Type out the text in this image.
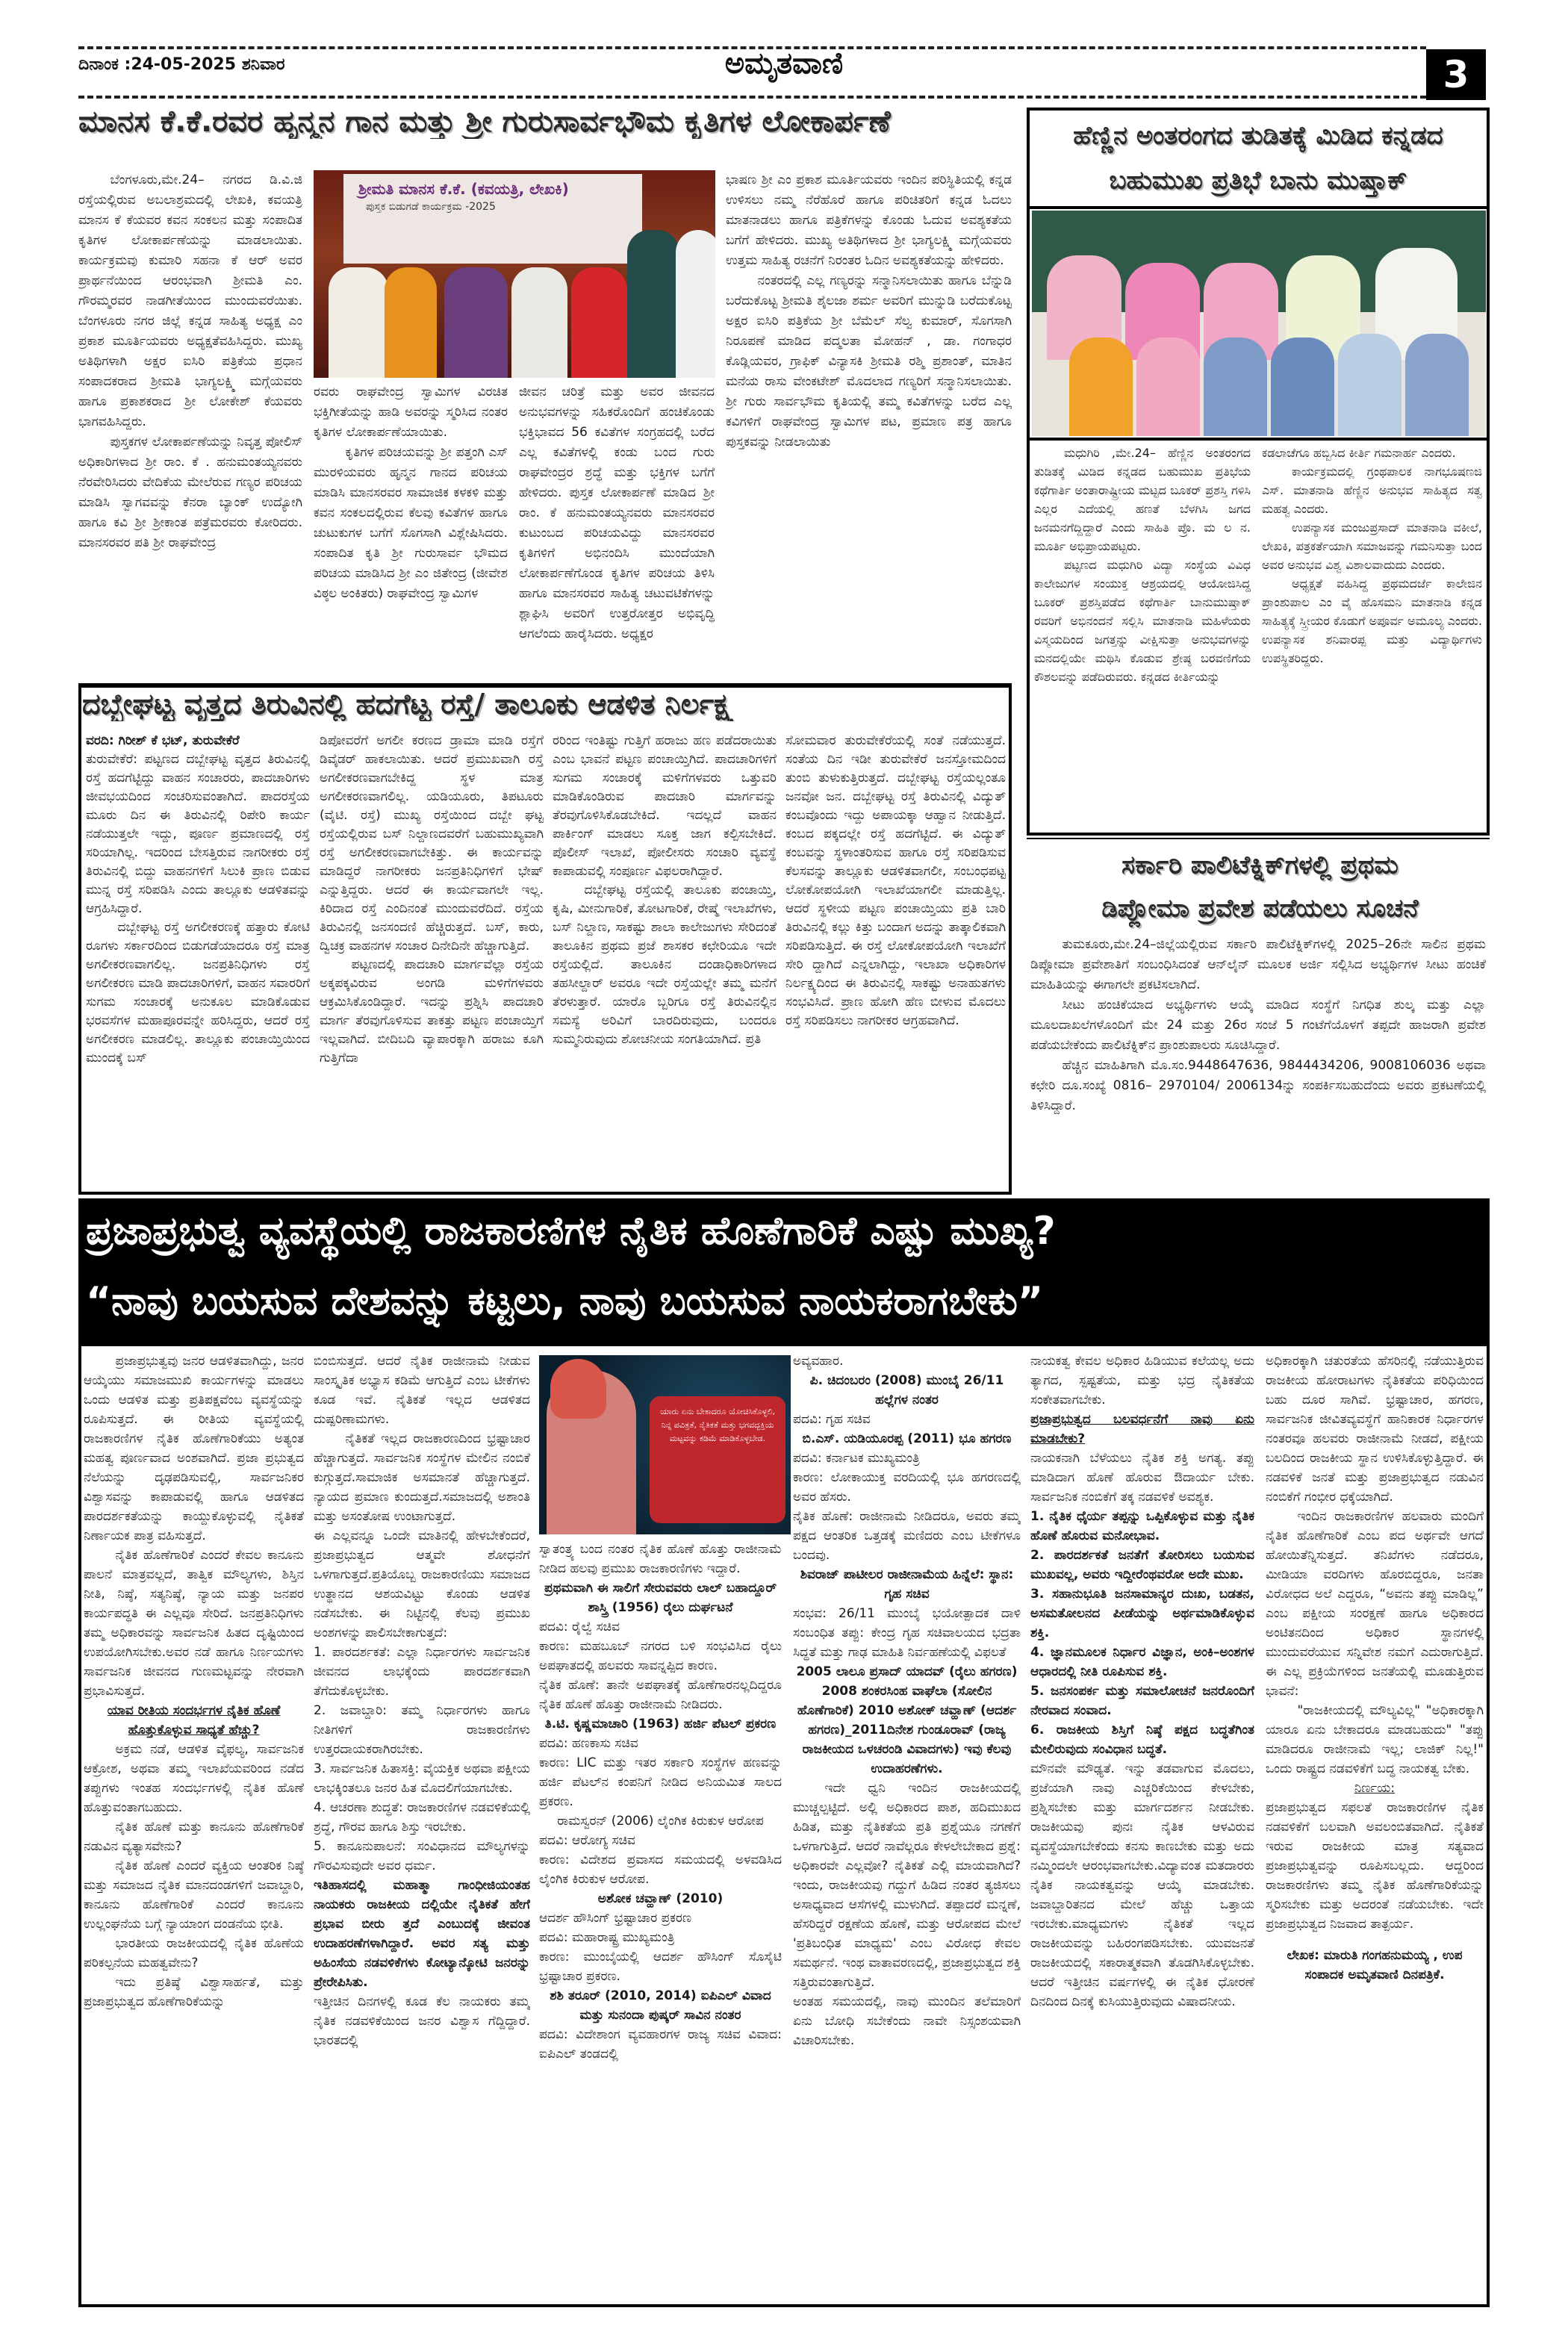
ದಿನಾಂಕ :24-05-2025 ಶನಿವಾರ	ಅಮೃತವಾಣಿ	3
ಮಾನಸ ಕೆ.ಕೆ.ರವರ ಹೃನ್ಮನ ಗಾನ ಮತ್ತು ಶ್ರೀ ಗುರುಸಾರ್ವಭೌಮ ಕೃತಿಗಳ ಲೋಕಾರ್ಪಣೆ
ಶ್ರೀಮತಿ ಮಾನಸ ಕೆ.ಕೆ. (ಕವಯತ್ರಿ, ಲೇಖಕಿ)
ಪುಸ್ತಕ ಬಿಡುಗಡೆ ಕಾರ್ಯಕ್ರಮ -2025

ಬೆಂಗಳೂರು,ಮೇ.24– ನಗರದ ಡಿ.ವಿ.ಜಿ ರಸ್ತೆಯಲ್ಲಿರುವ ಅಬಲಾಶ್ರಮದಲ್ಲಿ ಲೇಖಕಿ, ಕವಯತ್ರಿ ಮಾನಸ ಕೆ ಕೆಯವರ ಕವನ ಸಂಕಲನ ಮತ್ತು ಸಂಪಾದಿತ ಕೃತಿಗಳ ಲೋಕಾರ್ಪಣೆಯನ್ನು ಮಾಡಲಾಯಿತು. ಕಾರ್ಯಕ್ರಮವು ಕುಮಾರಿ ಸಹನಾ ಕೆ ಆರ್ ಅವರ ಪ್ರಾರ್ಥನೆಯಿಂದ ಆರಂಭವಾಗಿ ಶ್ರೀಮತಿ ಎಂ. ಗೌರಮ್ಮರವರ ನಾಡಗೀತೆಯಿಂದ ಮುಂದುವರೆಯಿತು. ಬೆಂಗಳೂರು ನಗರ ಜಿಲ್ಲೆ ಕನ್ನಡ ಸಾಹಿತ್ಯ ಅಧ್ಯಕ್ಷ ಎಂ ಪ್ರಕಾಶ ಮೂರ್ತಿಯವರು ಅಧ್ಯಕ್ಷತೆವಹಿಸಿದ್ದರು. ಮುಖ್ಯ ಅತಿಥಿಗಳಾಗಿ ಅಕ್ಷರ ಐಸಿರಿ ಪತ್ರಿಕೆಯ ಪ್ರಧಾನ ಸಂಪಾದಕರಾದ ಶ್ರೀಮತಿ ಭಾಗ್ಯಲಕ್ಷ್ಮಿ ಮಗ್ಗೆಯವರು ಹಾಗೂ ಪ್ರಕಾಶಕರಾದ ಶ್ರೀ ಲೋಕೇಶ್ ಕೆಯವರು ಭಾಗವಹಿಸಿದ್ದರು.

ಪುಸ್ತಕಗಳ ಲೋಕಾರ್ಪಣೆಯನ್ನು ನಿವೃತ್ತ ಪೋಲಿಸ್ ಅಧಿಕಾರಿಗಳಾದ ಶ್ರೀ ರಾಂ. ಕೆ . ಹನುಮಂತಯ್ಯನವರು ನೆರವೇರಿಸಿದರು ವೇದಿಕೆಯ ಮೇಲೆರುವ ಗಣ್ಯರ ಪರಿಚಯ ಮಾಡಿಸಿ ಸ್ವಾಗವವನ್ನು ಕೆನರಾ ಬ್ಯಾಂಕ್ ಉದ್ಯೋಗಿ ಹಾಗೂ ಕವಿ ಶ್ರೀ ಶ್ರೀಕಾಂತ ಪತ್ರೆಮರವರು ಕೋರಿದರು. ಮಾನಸರವರ ಪತಿ ಶ್ರೀ ರಾಘವೇಂದ್ರ

ರವರು ರಾಘವೇಂದ್ರ ಸ್ವಾಮಿಗಳ ವಿರಚಿತ ಭಕ್ತಿಗೀತೆಯನ್ನು ಹಾಡಿ ಅವರನ್ನು ಸ್ಮರಿಸಿದ ನಂತರ ಕೃತಿಗಳ ಲೋಕಾರ್ಪಣೆಯಾಯಿತು.

ಕೃತಿಗಳ ಪರಿಚಯವನ್ನು ಶ್ರೀ ಪತ್ತಂಗಿ ಎಸ್ ಮುರಳಿಯವರು ಹೃನ್ಮನ ಗಾನದ ಪರಿಚಯ ಮಾಡಿಸಿ ಮಾನಸರವರ ಸಾಮಾಜಿಕ ಕಳಕಳಿ ಮತ್ತು ಕವನ ಸಂಕಲದಲ್ಲಿರುವ ಕೆಲವು ಕವಿತೆಗಳ ಹಾಗೂ ಚುಟುಕುಗಳ ಬಗೆಗೆ ಸೊಗಸಾಗಿ ವಿಶ್ಲೇಷಿಸಿದರು. ಸಂಪಾದಿತ ಕೃತಿ ಶ್ರೀ ಗುರುಸಾರ್ವ ಭೌಮದ ಪರಿಚಯ ಮಾಡಿಸಿದ ಶ್ರೀ ಎಂ ಜಿತೇಂದ್ರ (ಜೀವೇಶ ವಿಠ್ಠಲ ಅಂಕಿತರು) ರಾಘವೇಂದ್ರ ಸ್ವಾಮಿಗಳ

ಜೀವನ ಚರಿತ್ರೆ ಮತ್ತು ಅವರ ಜೀವನದ ಅನುಭವಗಳನ್ನು ಸಹಿಕರೊಂದಿಗೆ ಹಂಚಿಕೊಂಡು ಭಕ್ತಿಭಾವದ 56 ಕವಿತೆಗಳ ಸಂಗ್ರಹದಲ್ಲಿ ಬರೆದ ಎಲ್ಲ ಕವಿತೆಗಳಲ್ಲಿ ಕಂಡು ಬಂದ ಗುರು ರಾಘವೇಂದ್ರರ ಶ್ರದ್ಧೆ ಮತ್ತು ಭಕ್ತಿಗಳ ಬಗೆಗೆ ಹೇಳಿದರು. ಪುಸ್ತಕ ಲೋಕಾರ್ಪಣೆ ಮಾಡಿದ ಶ್ರೀ ರಾಂ. ಕೆ ಹನುಮಂತಯ್ಯನವರು ಮಾನಸರವರ ಕುಟುಂಬದ ಪರಿಚಯವಿದ್ದು ಮಾನಸರವರ ಕೃತಿಗಳಿಗೆ ಅಭಿನಂದಿಸಿ ಮುಂದೆಯಾಗಿ ಲೋಕಾರ್ಪಣೆಗೊಂಡ ಕೃತಿಗಳ ಪರಿಚಯ ತಿಳಿಸಿ ಹಾಗೂ ಮಾನಸರವರ ಸಾಹಿತ್ಯ ಚಟುವಟಿಕೆಗಳನ್ನು ಶ್ಲಾಘಿಸಿ ಅವರಿಗೆ ಉತ್ತರೋತ್ತರ ಅಭಿವೃದ್ಧಿ ಆಗಲೆಂದು ಹಾರೈಸಿದರು. ಅಧ್ಯಕ್ಷರ

ಭಾಷಣ ಶ್ರೀ ಎಂ ಪ್ರಕಾಶ ಮೂರ್ತಿಯವರು ಇಂದಿನ ಪರಿಸ್ಥಿತಿಯಲ್ಲಿ ಕನ್ನಡ ಉಳಿಸಲು ನಮ್ಮ ನೆರೆಹೊರೆ ಹಾಗೂ ಪರಿಚಿತರಿಗೆ ಕನ್ನಡ ಓದಲು ಮಾತನಾಡಲು ಹಾಗೂ ಪತ್ರಿಕೆಗಳನ್ನು ಕೊಂಡು ಓದುವ ಅವಶ್ಯಕತೆಯ ಬಗೆಗೆ ಹೇಳಿದರು. ಮುಖ್ಯ ಅತಿಥಿಗಳಾದ ಶ್ರೀ ಭಾಗ್ಯಲಕ್ಷ್ಮಿ ಮಗ್ಗೆಯವರು ಉತ್ತಮ ಸಾಹಿತ್ಯ ರಚನೆಗೆ ನಿರಂತರ ಓದಿನ ಅವಶ್ಯಕತೆಯನ್ನು ಹೇಳಿದರು.

ನಂತರದಲ್ಲಿ ಎಲ್ಲ ಗಣ್ಯರನ್ನು ಸನ್ಮಾನಿಸಲಾಯಿತು ಹಾಗೂ ಬೆನ್ನುಡಿ ಬರೆದುಕೊಟ್ಟ ಶ್ರೀಮತಿ ಶೈಲಜಾ ಶರ್ಮ ಅವರಿಗೆ ಮುನ್ನುಡಿ ಬರೆದುಕೊಟ್ಟ ಅಕ್ಷರ ಐಸಿರಿ ಪತ್ರಿಕೆಯ ಶ್ರೀ ಬೆಮೆಲ್ ಸೆಲ್ವ ಕುಮಾರ್, ಸೊಗಸಾಗಿ ನಿರೂಪಣೆ ಮಾಡಿದ ಪದ್ಮಲತಾ ಮೋಹನ್ , ಡಾ. ಗಂಗಾಧರ ಕೊಡ್ಲಿಯವರ, ಗ್ರಾಫಿಕ್ ವಿನ್ಯಾಸಕಿ ಶ್ರೀಮತಿ ರಶ್ಮಿ ಪ್ರಶಾಂತ್, ಮಾತಿನ ಮನೆಯ ರಾಸು ವೇಂಕಟೇಶ್ ಮೊದಲಾದ ಗಣ್ಯರಿಗೆ ಸನ್ಮಾನಿಸಲಾಯಿತು. ಶ್ರೀ ಗುರು ಸಾರ್ವಭೌಮ ಕೃತಿಯಲ್ಲಿ ತಮ್ಮ ಕವಿತೆಗಳನ್ನು ಬರೆದ ಎಲ್ಲ ಕವಿಗಳಿಗೆ ರಾಘವೇಂದ್ರ ಸ್ವಾಮಿಗಳ ಪಟ, ಪ್ರಮಾಣ ಪತ್ರ ಹಾಗೂ ಪುಸ್ತಕವನ್ನು ನೀಡಲಾಯಿತು

ಹೆಣ್ಣಿನ ಅಂತರಂಗದ ತುಡಿತಕ್ಕೆ ಮಿಡಿದ ಕನ್ನಡದ
ಬಹುಮುಖ ಪ್ರತಿಭೆ ಬಾನು ಮುಷ್ತಾಕ್

ಮಧುಗಿರಿ ,ಮೇ.24– ಹೆಣ್ಣಿನ ಅಂತರಂಗದ ತುಡಿತಕ್ಕೆ ಮಿಡಿದ ಕನ್ನಡದ ಬಹುಮುಖ ಪ್ರತಿಭೆಯ ಕಥೆಗಾರ್ತಿ ಅಂತಾರಾಷ್ಟ್ರೀಯ ಮಟ್ಟದ ಬೂಕರ್ ಪ್ರಶಸ್ತಿ ಗಳಿಸಿ ಎಲ್ಲರ ಎದೆಯಲ್ಲಿ ಹಣತೆ ಬೆಳಗಿಸಿ ಜಗದ ಜನಮನಗೆದ್ದಿದ್ದಾರೆ ಎಂದು ಸಾಹಿತಿ ಪ್ರೊ. ಮ ಲ ನ. ಮೂರ್ತಿ ಅಭಿಪ್ರಾಯಪಟ್ಟರು.

ಪಟ್ಟಣದ ಮಧುಗಿರಿ ವಿದ್ಯಾ ಸಂಸ್ಥೆಯ ವಿವಿಧ ಕಾಲೇಜುಗಳ ಸಂಯುಕ್ತ ಆಶ್ರಯದಲ್ಲಿ ಆಯೋಜಿಸಿದ್ದ ಬೂಕರ್ ಪ್ರಶಸ್ತಿಪಡೆದ ಕಥೆಗಾರ್ತಿ ಬಾನುಮುಷ್ತಾಕ್ ರವರಿಗೆ ಅಭಿನಂದನೆ ಸಲ್ಲಿಸಿ ಮಾತನಾಡಿ ಮಹಿಳೆಯರು ವಿಸ್ಮಯದಿಂದ ಜಗತ್ತನ್ನು ವೀಕ್ಷಿಸುತ್ತಾ ಅನುಭವಗಳನ್ನು ಮನದಲ್ಲಿಯೇ ಮಥಿಸಿ ಕೊಡುವ ಶ್ರೇಷ್ಠ ಬರವಣಿಗೆಯ ಕೌಶಲವನ್ನು ಪಡೆದಿರುವರು. ಕನ್ನಡದ ಕೀರ್ತಿಯನ್ನು

ಕಡಲಾಚೆಗೂ ಹಬ್ಬಿಸಿದ ಕೀರ್ತಿ ಗಮನಾರ್ಹ ಎಂದರು.

ಕಾರ್ಯಕ್ರಮದಲ್ಲಿ ಗ್ರಂಥಪಾಲಕ ನಾಗಭೂಷಣಜಿ ಎಸ್. ಮಾತನಾಡಿ ಹೆಣ್ಣಿನ ಅನುಭವ ಸಾಹಿತ್ಯದ ಸತ್ವ ಮಹತ್ವ ಎಂದರು.

ಉಪನ್ಯಾಸಕ ಮಂಜುಪ್ರಸಾದ್ ಮಾತನಾಡಿ ವಕೀಲೆ, ಲೇಖಕಿ, ಪತ್ರಕರ್ತೆಯಾಗಿ ಸಮಾಜವನ್ನು ಗಮನಿಸುತ್ತಾ ಬಂದ ಅವರ ಅನುಭವ ವಿಶ್ವ ವಿಶಾಲವಾದುದು ಎಂದರು.

ಅಧ್ಯಕ್ಷತೆ ವಹಿಸಿದ್ದ ಪ್ರಥಮದರ್ಜೆ ಕಾಲೇಜಿನ ಪ್ರಾಂಶುಪಾಲ ಎಂ ವೈ ಹೊಸಮನಿ ಮಾತನಾಡಿ ಕನ್ನಡ ಸಾಹಿತ್ಯಕ್ಕೆ ಸ್ತ್ರೀಯರ ಕೊಡುಗೆ ಅಪೂರ್ವ ಅಮೂಲ್ಯ ಎಂದರು. ಉಪನ್ಯಾಸಕ ಶನಿವಾರಪ್ಪ ಮತ್ತು ವಿದ್ಯಾರ್ಥಿಗಳು ಉಪಸ್ಥಿತರಿದ್ದರು.

ದಬ್ಬೇಘಟ್ಟ ವೃತ್ತದ ತಿರುವಿನಲ್ಲಿ ಹದಗೆಟ್ಟ ರಸ್ತೆ/ ತಾಲೂಕು ಆಡಳಿತ ನಿರ್ಲಕ್ಷ್ಯ

ವರದಿ: ಗಿರೀಶ್ ಕೆ ಭಟ್, ತುರುವೇಕೆರೆ

ತುರುವೇಕೆರೆ: ಪಟ್ಟಣದ ದಬ್ಬೇಘಟ್ಟ ವೃತ್ತದ ತಿರುವಿನಲ್ಲಿ ರಸ್ತೆ ಹದಗೆಟ್ಟಿದ್ದು ವಾಹನ ಸಂಚಾರರು, ಪಾದಚಾರಿಗಳು ಜೀವಭಯದಿಂದ ಸಂಚರಿಸುವಂತಾಗಿದೆ. ಪಾದರಸ್ತೆಯ ಮೂರು ದಿನ ಈ ತಿರುವಿನಲ್ಲಿ ರಿಪೇರಿ ಕಾರ್ಯ ನಡೆಯುತ್ತಲೇ ಇದ್ದು, ಪೂರ್ಣ ಪ್ರಮಾಣದಲ್ಲಿ ರಸ್ತೆ ಸರಿಯಾಗಿಲ್ಲ. ಇದರಿಂದ ಬೇಸತ್ತಿರುವ ನಾಗರೀಕರು ರಸ್ತೆ ತಿರುವಿನಲ್ಲಿ ಬಿದ್ದು ವಾಹನಗಳಿಗೆ ಸಿಲುಕಿ ಪ್ರಾಣ ಬಿಡುವ ಮುನ್ನ ರಸ್ತೆ ಸರಿಪಡಿಸಿ ಎಂದು ತಾಲ್ಲೂಕು ಆಡಳಿತವನ್ನು ಆಗ್ರಹಿಸಿದ್ದಾರೆ.

ದಬ್ಬೇಘಟ್ಟ ರಸ್ತೆ ಅಗಲೀಕರಣಕ್ಕೆ ಹತ್ತಾರು ಕೋಟಿ ರೂಗಳು ಸರ್ಕಾರದಿಂದ ಬಿಡುಗಡೆಯಾದರೂ ರಸ್ತೆ ಮಾತ್ರ ಅಗಲೀಕರಣವಾಗಲಿಲ್ಲ. ಜನಪ್ರತಿನಿಧಿಗಳು ರಸ್ತೆ ಅಗಲೀಕರಣ ಮಾಡಿ ಪಾದಚಾರಿಗಳಿಗೆ, ವಾಹನ ಸವಾರರಿಗೆ ಸುಗಮ ಸಂಚಾರಕ್ಕೆ ಅನುಕೂಲ ಮಾಡಿಕೊಡುವ ಭರವಸೆಗಳ ಮಹಾಪೂರವನ್ನೇ ಹರಿಸಿದ್ದರು, ಆದರೆ ರಸ್ತೆ ಅಗಲೀಕರಣ ಮಾಡಲಿಲ್ಲ. ತಾಲ್ಲೂಕು ಪಂಚಾಯ್ತಿಯಿಂದ ಮುಂದಕ್ಕೆ ಬಸ್

ಡಿಪೋವರೆಗೆ ಅಗಲೀ ಕರಣದ ಡ್ರಾಮಾ ಮಾಡಿ ರಸ್ತೆಗೆ ಡಿವೈಡರ್ ಹಾಕಲಾಯಿತು. ಆದರೆ ಪ್ರಮುಖವಾಗಿ ರಸ್ತೆ ಅಗಲೀಕರಣವಾಗಬೇಕಿದ್ದ ಸ್ಥಳ ಮಾತ್ರ ಅಗಲೀಕರಣವಾಗಲಿಲ್ಲ. ಯಡಿಯೂರು, ತಿಪಟೂರು (ವೈಟಿ. ರಸ್ತೆ) ಮುಖ್ಯ ರಸ್ತೆಯಿಂದ ದಬ್ಬೇ ಘಟ್ಟ ರಸ್ತೆಯಲ್ಲಿರುವ ಬಸ್ ನಿಲ್ದಾಣದವರೆಗೆ ಬಹುಮುಖ್ಯವಾಗಿ ರಸ್ತೆ ಅಗಲೀಕರಣವಾಗಬೇಕಿತ್ತು. ಈ ಕಾರ್ಯವನ್ನು ಮಾಡಿದ್ದರೆ ನಾಗರೀಕರು ಜನಪ್ರತಿನಿಧಿಗಳಿಗೆ ಭೇಷ್ ಎನ್ನುತ್ತಿದ್ದರು. ಆದರೆ ಈ ಕಾರ್ಯವಾಗಲೇ ಇಲ್ಲ. ಕಿರಿದಾದ ರಸ್ತೆ ಎಂದಿನಂತೆ ಮುಂದುವರೆದಿದೆ. ರಸ್ತೆಯ ತಿರುವಿನಲ್ಲಿ ಜನಸಂದಣಿ ಹೆಚ್ಚಿರುತ್ತದೆ. ಬಸ್, ಕಾರು, ದ್ವಿಚಕ್ರ ವಾಹನಗಳ ಸಂಚಾರ ದಿನೇದಿನೇ ಹೆಚ್ಚಾಗುತ್ತಿದೆ.

ಪಟ್ಟಣದಲ್ಲಿ ಪಾದಚಾರಿ ಮಾರ್ಗವೆಲ್ಲಾ ರಸ್ತೆಯ ಅಕ್ಕಪಕ್ಕವಿರುವ ಅಂಗಡಿ ಮಳಿಗೆಗಳವರು ಆಕ್ರಮಿಸಿಕೊಂಡಿದ್ದಾರೆ. ಇದನ್ನು ಪ್ರಶ್ನಿಸಿ ಪಾದಚಾರಿ ಮಾರ್ಗ ತೆರವುಗೊಳಿಸುವ ತಾಕತ್ತು ಪಟ್ಟಣ ಪಂಚಾಯ್ತಿಗೆ ಇಲ್ಲವಾಗಿದೆ. ಬೀದಿಬದಿ ವ್ಯಾಪಾರಕ್ಕಾಗಿ ಹರಾಜು ಕೂಗಿ ಗುತ್ತಿಗೆದಾ

ರರಿಂದ ಇಂತಿಷ್ಟು ಗುತ್ತಿಗೆ ಹರಾಜು ಹಣ ಪಡೆದರಾಯಿತು ಎಂಬ ಭಾವನೆ ಪಟ್ಟಣ ಪಂಚಾಯ್ತಿಗಿದೆ. ಪಾದಚಾರಿಗಳಿಗೆ ಸುಗಮ ಸಂಚಾರಕ್ಕೆ ಮಳಿಗೆಗಳವರು ಒತ್ತುವರಿ ಮಾಡಿಕೊಂಡಿರುವ ಪಾದಚಾರಿ ಮಾರ್ಗವನ್ನು ತೆರವುಗೊಳಿಸಿಕೊಡಬೇಕಿದೆ. ಇದಲ್ಲದೆ ವಾಹನ ಪಾರ್ಕಿಂಗ್ ಮಾಡಲು ಸೂಕ್ತ ಜಾಗ ಕಲ್ಪಿಸಬೇಕಿದೆ. ಪೊಲೀಸ್ ಇಲಾಖೆ, ಪೋಲೀಸರು ಸಂಚಾರಿ ವ್ಯವಸ್ಥೆ ಕಾಪಾಡುವಲ್ಲಿ ಸಂಪೂರ್ಣ ವಿಫಲರಾಗಿದ್ದಾರೆ.

ದಬ್ಬೇಘಟ್ಟ ರಸ್ತೆಯಲ್ಲಿ ತಾಲೂಕು ಪಂಚಾಯ್ತಿ, ಕೃಷಿ, ಮೀನುಗಾರಿಕೆ, ತೋಟಗಾರಿಕೆ, ರೇಷ್ಮೆ ಇಲಾಖೆಗಳು, ಬಸ್ ನಿಲ್ದಾಣ, ಸಾಕಷ್ಟು ಶಾಲಾ ಕಾಲೇಜುಗಳು ಸೇರಿದಂತೆ ತಾಲೂಕಿನ ಪ್ರಥಮ ಪ್ರಜೆ ಶಾಸಕರ ಕಛೇರಿಯೂ ಇದೇ ರಸ್ತೆಯಲ್ಲಿದೆ. ತಾಲೂಕಿನ ದಂಡಾಧಿಕಾರಿಗಳಾದ ತಹಸೀಲ್ದಾರ್ ಅವರೂ ಇದೇ ರಸ್ತೆಯಲ್ಲೇ ತಮ್ಮ ಮನೆಗೆ ತೆರಳುತ್ತಾರೆ. ಯಾರೊ ಬ್ಬರಿಗೂ ರಸ್ತೆ ತಿರುವಿನಲ್ಲಿನ ಸಮಸ್ಯೆ ಅರಿವಿಗೆ ಬಾರದಿರುವುದು, ಬಂದರೂ ಸುಮ್ಮನಿರುವುದು ಶೋಚನೀಯ ಸಂಗತಿಯಾಗಿದೆ. ಪ್ರತಿ

ಸೋಮವಾರ ತುರುವೇಕೆರೆಯಲ್ಲಿ ಸಂತೆ ನಡೆಯುತ್ತದೆ. ಸಂತೆಯ ದಿನ ಇಡೀ ತುರುವೇಕೆರೆ ಜನಸ್ತೋಮದಿಂದ ತುಂಬಿ ತುಳುಕುತ್ತಿರುತ್ತದೆ. ದಬ್ಬೇಘಟ್ಟ ರಸ್ತೆಯಲ್ಲಂತೂ ಜನವೋ ಜನ. ದಬ್ಬೇಘಟ್ಟ ರಸ್ತೆ ತಿರುವಿನಲ್ಲಿ ವಿದ್ಯುತ್ ಕಂಬವೊಂದು ಇದ್ದು ಅಪಾಯಕ್ಕಾ ಆಹ್ವಾನ ನೀಡುತ್ತಿದೆ. ಕಂಬದ ಪಕ್ಕದಲ್ಲೇ ರಸ್ತೆ ಹದಗೆಟ್ಟಿದೆ. ಈ ವಿದ್ಯುತ್ ಕಂಬವನ್ನು ಸ್ಥಳಾಂತರಿಸುವ ಹಾಗೂ ರಸ್ತೆ ಸರಿಪಡಿಸುವ ಕೆಲಸವನ್ನು ತಾಲ್ಲೂಕು ಆಡಳಿತವಾಗಲೀ, ಸಂಬಂಧಪಟ್ಟ ಲೋಕೋಪಯೋಗಿ ಇಲಾಖೆಯಾಗಲೀ ಮಾಡುತ್ತಿಲ್ಲ. ಆದರೆ ಸ್ಥಳೀಯ ಪಟ್ಟಣ ಪಂಚಾಯ್ತಿಯು ಪ್ರತಿ ಬಾರಿ ತಿರುವಿನಲ್ಲಿ ಕಲ್ಲು ಕಿತ್ತು ಬಂದಾಗ ಅದನ್ನು ತಾತ್ಕಾಲಿಕವಾಗಿ ಸರಿಪಡಿಸುತ್ತಿದೆ. ಈ ರಸ್ತೆ ಲೋಕೋಪಯೋಗಿ ಇಲಾಖೆಗೆ ಸೇರಿ ದ್ದಾಗಿದೆ ಎನ್ನಲಾಗಿದ್ದು, ಇಲಾಖಾ ಅಧಿಕಾರಿಗಳ ನಿರ್ಲಕ್ಷ್ಯದಿಂದ ಈ ತಿರುವಿನಲ್ಲಿ ಸಾಕಷ್ಟು ಅನಾಹುತಗಳು ಸಂಭವಿಸಿದೆ. ಪ್ರಾಣ ಹೋಗಿ ಹೆಣ ಬೀಳುವ ಮೊದಲು ರಸ್ತೆ ಸರಿಪಡಿಸಲು ನಾಗರೀಕರ ಆಗ್ರಹವಾಗಿದೆ.

ಸರ್ಕಾರಿ ಪಾಲಿಟೆಕ್ನಿಕ್‌ಗಳಲ್ಲಿ ಪ್ರಥಮ
ಡಿಪ್ಲೋಮಾ ಪ್ರವೇಶ ಪಡೆಯಲು ಸೂಚನೆ

ತುಮಕೂರು,ಮೇ.24–ಜಿಲ್ಲೆಯಲ್ಲಿರುವ ಸರ್ಕಾರಿ ಪಾಲಿಟೆಕ್ನಿಕ್‌ಗಳಲ್ಲಿ 2025–26ನೇ ಸಾಲಿನ ಪ್ರಥಮ ಡಿಪ್ಲೋಮಾ ಪ್ರವೇಶಾತಿಗೆ ಸಂಬಂಧಿಸಿದಂತೆ ಆನ್‌ಲೈನ್ ಮೂಲಕ ಅರ್ಜಿ ಸಲ್ಲಿಸಿದ ಅಭ್ಯರ್ಥಿಗಳ ಸೀಟು ಹಂಚಿಕೆ ಮಾಹಿತಿಯನ್ನು ಈಗಾಗಲೇ ಪ್ರಕಟಿಸಲಾಗಿದೆ.

ಸೀಟು ಹಂಚಿಕೆಯಾದ ಅಭ್ಯರ್ಥಿಗಳು ಆಯ್ಕೆ ಮಾಡಿದ ಸಂಸ್ಥೆಗೆ ನಿಗಧಿತ ಶುಲ್ಕ ಮತ್ತು ಎಲ್ಲಾ ಮೂಲದಾಖಲೆಗಳೊಂದಿಗೆ ಮೇ 24 ಮತ್ತು 26ರ ಸಂಜೆ 5 ಗಂಟೆಗೆಯೊಳಗೆ ತಪ್ಪದೇ ಹಾಜರಾಗಿ ಪ್ರವೇಶ ಪಡೆಯಬೇಕೆಂದು ಪಾಲಿಟೆಕ್ನಿಕ್‌ನ ಪ್ರಾಂಶುಪಾಲರು ಸೂಚಿಸಿದ್ದಾರೆ.

ಹೆಚ್ಚಿನ ಮಾಹಿತಿಗಾಗಿ ಮೊ.ಸಂ.9448647636, 9844434206, 9008106036 ಅಥವಾ ಕಛೇರಿ ದೂ.ಸಂಖ್ಯೆ 0816– 2970104/ 2006134ನ್ನು ಸಂಪರ್ಕಿಸಬಹುದೆಂದು ಅವರು ಪ್ರಕಟಣೆಯಲ್ಲಿ ತಿಳಿಸಿದ್ದಾರೆ.

ಪ್ರಜಾಪ್ರಭುತ್ವ ವ್ಯವಸ್ಥೆಯಲ್ಲಿ ರಾಜಕಾರಣಿಗಳ ನೈತಿಕ ಹೊಣೆಗಾರಿಕೆ ಎಷ್ಟು ಮುಖ್ಯ?
“ನಾವು ಬಯಸುವ ದೇಶವನ್ನು ಕಟ್ಟಲು, ನಾವು ಬಯಸುವ ನಾಯಕರಾಗಬೇಕು”
ಯಾರು ಏನು ಬೇಕಾದರೂ ಯೋಚಿಸಿಕೊಳ್ಳಲಿ, ನಿನ್ನ ಪವಿತ್ರತೆ, ನೈತಿಕತೆ ಮತ್ತು ಭಗವದ್ಭಕ್ತಿಯ ಮಟ್ಟವನ್ನು ಕಡಿಮೆ ಮಾಡಿಕೊಳ್ಳಬೇಡ.

ಪ್ರಜಾಪ್ರಭುತ್ವವು ಜನರ ಆಡಳಿತವಾಗಿದ್ದು, ಜನರ ಆಯ್ಕೆಯು ಸಮಾಜಮುಖಿ ಕಾರ್ಯಗಳನ್ನು ಮಾಡಲು ಒಂದು ಆಡಳಿತ ಮತ್ತು ಪ್ರತಿಪಕ್ಷವೆಂಬ ವ್ಯವಸ್ಥೆಯನ್ನು ರೂಪಿಸುತ್ತದೆ. ಈ ರೀತಿಯ ವ್ಯವಸ್ಥೆಯಲ್ಲಿ ರಾಜಕಾರಣಿಗಳ ನೈತಿಕ ಹೊಣೆಗಾರಿಕೆಯು ಅತ್ಯಂತ ಮಹತ್ವ ಪೂರ್ಣವಾದ ಅಂಶವಾಗಿದೆ. ಪ್ರಜಾ ಪ್ರಭುತ್ವದ ನೆಲೆಯನ್ನು ದೃಢಪಡಿಸುವಲ್ಲಿ, ಸಾರ್ವಜನಿಕರ ವಿಶ್ವಾಸವನ್ನು ಕಾಪಾಡುವಲ್ಲಿ ಹಾಗೂ ಆಡಳಿತದ ಪಾರದರ್ಶಕತೆಯನ್ನು ಕಾಯ್ದುಕೊಳ್ಳುವಲ್ಲಿ ನೈತಿಕತೆ ನಿರ್ಣಾಯಕ ಪಾತ್ರ ವಹಿಸುತ್ತದೆ.

ನೈತಿಕ ಹೊಣೆಗಾರಿಕೆ ಎಂದರೆ ಕೇವಲ ಕಾನೂನು ಪಾಲನೆ ಮಾತ್ರವಲ್ಲದೆ, ತಾತ್ವಿಕ ಮೌಲ್ಯಗಳು, ಶಿಸ್ತಿನ ನೀತಿ, ನಿಷ್ಠೆ, ಸತ್ಯನಿಷ್ಠೆ, ನ್ಯಾಯ ಮತ್ತು ಜನಪರ ಕಾರ್ಯಪದ್ಧತಿ ಈ ಎಲ್ಲವೂ ಸೇರಿದೆ. ಜನಪ್ರತಿನಿಧಿಗಳು ತಮ್ಮ ಅಧಿಕಾರವನ್ನು ಸಾರ್ವಜನಿಕ ಹಿತದ ದೃಷ್ಟಿಯಿಂದ ಉಪಯೋಗಿಸಬೇಕು.ಅವರ ನಡೆ ಹಾಗೂ ನಿರ್ಣಯಗಳು ಸಾರ್ವಜನಿಕ ಜೀವನದ ಗುಣಮಟ್ಟವನ್ನು ನೇರವಾಗಿ ಪ್ರಭಾವಿಸುತ್ತದೆ.

ಯಾವ ರೀತಿಯ ಸಂದರ್ಭಗಳ ನೈತಿಕ ಹೊಣೆ ಹೊತ್ತುಕೊಳ್ಳುವ ಸಾಧ್ಯತೆ ಹೆಚ್ಚು?

ಅಕ್ರಮ ನಡೆ, ಆಡಳಿತ ವೈಫಲ್ಯ, ಸಾರ್ವಜನಿಕ ಆಕ್ರೋಶ, ಅಥವಾ ತಮ್ಮ ಇಲಾಖೆಯವರಿಂದ ನಡೆದ ತಪ್ಪುಗಳು ಇಂತಹ ಸಂದರ್ಭಗಳಲ್ಲಿ ನೈತಿಕ ಹೊಣೆ ಹೊತ್ತುವಂತಾಗಬಹುದು.

ನೈತಿಕ ಹೊಣೆ ಮತ್ತು ಕಾನೂನು ಹೊಣೆಗಾರಿಕೆ ನಡುವಿನ ವ್ಯತ್ಯಾಸವೇನು?

ನೈತಿಕ ಹೊಣೆ ಎಂದರೆ ವ್ಯಕ್ತಿಯ ಆಂತರಿಕ ನಿಷ್ಠೆ ಮತ್ತು ಸಮಾಜದ ನೈತಿಕ ಮಾನದಂಡಗಳಿಗೆ ಜವಾಬ್ದಾರಿ, ಕಾನೂನು ಹೊಣೆಗಾರಿಕೆ ಎಂದರೆ ಕಾನೂನು ಉಲ್ಲಂಘನೆಯ ಬಗ್ಗೆ ನ್ಯಾಯಾಂಗ ದಂಡನೆಯ ಭೀತಿ.

ಭಾರತೀಯ ರಾಜಕೀಯದಲ್ಲಿ ನೈತಿಕ ಹೊಣೆಯ ಪರಿಕಲ್ಪನೆಯ ಮಹತ್ವವೇನು?

ಇದು ಪ್ರತಿಷ್ಠೆ ವಿಶ್ವಾಸಾರ್ಹತೆ, ಮತ್ತು ಪ್ರಜಾಪ್ರಭುತ್ವದ ಹೊಣೆಗಾರಿಕೆಯನ್ನು

ಬಿಂಬಿಸುತ್ತದೆ. ಆದರೆ ನೈತಿಕ ರಾಜೀನಾಮೆ ನೀಡುವ ಸಾಂಸ್ಕೃತಿಕ ಅಭ್ಯಾಸ ಕಡಿಮೆ ಆಗುತ್ತಿದೆ ಎಂಬ ಟೀಕೆಗಳು ಕೂಡ ಇವೆ. ನೈತಿಕತೆ ಇಲ್ಲದ ಆಡಳಿತದ ದುಷ್ಪರಿಣಾಮಗಳು.

ನೈತಿಕತೆ ಇಲ್ಲದ ರಾಜಕಾರಣದಿಂದ ಭ್ರಷ್ಟಾಚಾರ ಹೆಚ್ಚಾಗುತ್ತದೆ. ಸಾರ್ವಜನಿಕ ಸಂಸ್ಥೆಗಳ ಮೇಲಿನ ನಂಬಿಕೆ ಕುಗ್ಗುತ್ತದೆ.ಸಾಮಾಜಿಕ ಅಸಮಾನತೆ ಹೆಚ್ಚಾಗುತ್ತದೆ. ನ್ಯಾಯದ ಪ್ರಮಾಣ ಕುಂದುತ್ತದೆ.ಸಮಾಜದಲ್ಲಿ ಅಶಾಂತಿ ಮತ್ತು ಅಸಂತೋಷ ಉಂಟಾಗುತ್ತದೆ.

ಈ ಎಲ್ಲವನ್ನೂ ಒಂದೇ ಮಾತಿನಲ್ಲಿ ಹೇಳಬೇಕೆಂದರೆ, ಪ್ರಜಾಪ್ರಭುತ್ವದ ಆತ್ಮವೇ ಶೋಧನೆಗೆ ಒಳಗಾಗುತ್ತದೆ.ಪ್ರತಿಯೊಬ್ಬ ರಾಜಕಾರಣಿಯು ಸಮಾಜದ ಉತ್ಥಾನದ ಆಶಯವಿಟ್ಟು ಕೊಂಡು ಆಡಳಿತ ನಡೆಸಬೇಕು. ಈ ನಿಟ್ಟಿನಲ್ಲಿ ಕೆಲವು ಪ್ರಮುಖ ಅಂಶಗಳನ್ನು ಪಾಲಿಸಬೇಕಾಗುತ್ತದೆ:

1. ಪಾರದರ್ಶಕತೆ: ಎಲ್ಲಾ ನಿರ್ಧಾರಗಳು ಸಾರ್ವಜನಿಕ ಜೀವನದ ಲಾಭಕ್ಕೆಂದು ಪಾರದರ್ಶಕವಾಗಿ ತೆಗೆದುಕೊಳ್ಳಬೇಕು.

2. ಜವಾಬ್ದಾರಿ: ತಮ್ಮ ನಿರ್ಧಾರಗಳು ಹಾಗೂ ನೀತಿಗಳಿಗೆ ರಾಜಕಾರಣಿಗಳು ಉತ್ತರದಾಯಕರಾಗಿರಬೇಕು.

3. ಸಾರ್ವಜನಿಕ ಹಿತಾಸಕ್ತಿ: ವೈಯಕ್ತಿಕ ಅಥವಾ ಪಕ್ಷೀಯ ಲಾಭಕ್ಕಿಂತಲೂ ಜನರ ಹಿತ ಮೊದಲಿಗೆಯಾಗಬೇಕು.

4. ಆಚರಣಾ ಶುದ್ಧತೆ: ರಾಜಕಾರಣಿಗಳ ನಡವಳಿಕೆಯಲ್ಲಿ ಶ್ರದ್ಧೆ, ಗೌರವ ಹಾಗೂ ಶಿಸ್ತು ಇರಬೇಕು.

5. ಕಾನೂನುಪಾಲನೆ: ಸಂವಿಧಾನದ ಮೌಲ್ಯಗಳನ್ನು ಗೌರವಿಸುವುದೇ ಅವರ ಧರ್ಮ.

ಇತಿಹಾಸದಲ್ಲಿ ಮಹಾತ್ಮಾ ಗಾಂಧೀಜಿಯಂತಹ ನಾಯಕರು ರಾಜಕೀಯ ದಲ್ಲಿಯೇ ನೈತಿಕತೆ ಹೇಗೆ ಪ್ರಭಾವ ಬೀರು ತ್ತದೆ ಎಂಬುದಕ್ಕೆ ಜೀವಂತ ಉದಾಹರಣೆಗಳಾಗಿದ್ದಾರೆ. ಅವರ ಸತ್ಯ ಮತ್ತು ಅಹಿಂಸೆಯ ನಡವಳಿಕೆಗಳು ಕೋಟ್ಯಾನ್ಕೋಟಿ ಜನರನ್ನು ಪ್ರೇರೇಪಿಸಿತು.

ಇತ್ತೀಚಿನ ದಿನಗಳಲ್ಲಿ ಕೂಡ ಕೆಲ ನಾಯಕರು ತಮ್ಮ ನೈತಿಕ ನಡವಳಿಕೆಯಿಂದ ಜನರ ವಿಶ್ವಾಸ ಗೆದ್ದಿದ್ದಾರೆ. ಭಾರತದಲ್ಲಿ

ಸ್ವಾತಂತ್ರ್ಯ ಬಂದ ನಂತರ ನೈತಿಕ ಹೊಣೆ ಹೊತ್ತು ರಾಜೀನಾಮೆ ನೀಡಿದ ಹಲವು ಪ್ರಮುಖ ರಾಜಕಾರಣಿಗಳು ಇದ್ದಾರೆ.

ಪ್ರಥಮವಾಗಿ ಈ ಸಾಲಿಗೆ ಸೇರುವವರು ಲಾಲ್ ಬಹಾದ್ದೂರ್ ಶಾಸ್ತ್ರಿ (1956) ರೈಲು ದುರ್ಘಟನೆ

ಪದವಿ: ರೈಲ್ವೆ ಸಚಿವ

ಕಾರಣ: ಮಹಬೂಬ್ ನಗರದ ಬಳಿ ಸಂಭವಿಸಿದ ರೈಲು ಅಪಘಾತದಲ್ಲಿ ಹಲವರು ಸಾವನ್ನಪ್ಪಿದ ಕಾರಣ.

ನೈತಿಕ ಹೊಣೆ: ತಾನೇ ಅಪಘಾತಕ್ಕೆ ಹೊಣೆಗಾರನಲ್ಲದಿದ್ದರೂ ನೈತಿಕ ಹೊಣೆ ಹೊತ್ತು ರಾಜೀನಾಮೆ ನೀಡಿದರು.

ತಿ.ಟಿ. ಕೃಷ್ಣಮಾಚಾರಿ (1963) ಹರ್ಜಿ ಪೆಟಲ್ ಪ್ರಕರಣ

ಪದವಿ: ಹಣಕಾಸು ಸಚಿವ

ಕಾರಣ: LIC ಮತ್ತು ಇತರ ಸರ್ಕಾರಿ ಸಂಸ್ಥೆಗಳ ಹಣವನ್ನು ಹರ್ಜಿ ಪೆಟಲ್‌ನ ಕಂಪನಿಗೆ ನೀಡಿದ ಅನಿಯಮಿತ ಸಾಲದ ಪ್ರಕರಣ.

ರಾಮಸ್ವರನ್ (2006) ಲೈಂಗಿಕ ಕಿರುಕುಳ ಆರೋಪ

ಪದವಿ: ಆರೋಗ್ಯ ಸಚಿವ

ಕಾರಣ: ವಿದೇಶದ ಪ್ರವಾಸದ ಸಮಯದಲ್ಲಿ ಅಳವಡಿಸಿದ ಲೈಂಗಿಕ ಕಿರುಕುಳ ಆರೋಪ.

ಅಶೋಕ ಚವ್ಹಾಣ್ (2010)

ಆದರ್ಶ ಹೌಸಿಂಗ್ ಭ್ರಷ್ಟಾಚಾರ ಪ್ರಕರಣ

ಪದವಿ: ಮಹಾರಾಷ್ಟ್ರ ಮುಖ್ಯಮಂತ್ರಿ

ಕಾರಣ: ಮುಂಬೈಯಲ್ಲಿ ಆದರ್ಶ ಹೌಸಿಂಗ್ ಸೊಸೈಟಿ ಭ್ರಷ್ಟಾಚಾರ ಪ್ರಕರಣ.

ಶಶಿ ತರೂರ್ (2010, 2014) ಐಪಿಎಲ್ ವಿವಾದ ಮತ್ತು ಸುನಂದಾ ಪುಷ್ಕರ್ ಸಾವಿನ ನಂತರ

ಪದವಿ: ವಿದೇಶಾಂಗ ವ್ಯವಹಾರಗಳ ರಾಜ್ಯ ಸಚಿವ ವಿವಾದ: ಐಪಿಎಲ್ ತಂಡದಲ್ಲಿ

ಅವ್ಯವಹಾರ.

ಪಿ. ಚಿದಂಬರಂ (2008) ಮುಂಬೈ 26/11 ಹಲ್ಲೆಗಳ ನಂತರ

ಪದವಿ: ಗೃಹ ಸಚಿವ

ಬಿ.ಎಸ್. ಯಡಿಯೂರಪ್ಪ (2011) ಭೂ ಹಗರಣ

ಪದವಿ: ಕರ್ನಾಟಕ ಮುಖ್ಯಮಂತ್ರಿ

ಕಾರಣ: ಲೋಕಾಯುಕ್ತ ವರದಿಯಲ್ಲಿ ಭೂ ಹಗರಣದಲ್ಲಿ ಅವರ ಹೆಸರು.

ನೈತಿಕ ಹೊಣೆ: ರಾಜೀನಾಮೆ ನೀಡಿದರೂ, ಅವರು ತಮ್ಮ ಪಕ್ಷದ ಆಂತರಿಕ ಒತ್ತಡಕ್ಕೆ ಮಣಿದರು ಎಂಬ ಟೀಕೆಗಳೂ ಬಂದವು.

ಶಿವರಾಜ್ ಪಾಟೀಲರ ರಾಜೀನಾಮೆಯ ಹಿನ್ನೆಲೆ: ಸ್ಥಾನ: ಗೃಹ ಸಚಿವ

ಸಂಭವ: 26/11 ಮುಂಬೈ ಭಯೋತ್ಪಾದಕ ದಾಳಿ ಸಂಬಂಧಿತ ತಪ್ಪು: ಕೇಂದ್ರ ಗೃಹ ಸಚಿವಾಲಯದ ಭದ್ರತಾ ಸಿದ್ಧತೆ ಮತ್ತು ಗಾಢ ಮಾಹಿತಿ ನಿರ್ವಹಣೆಯಲ್ಲಿ ವಿಫಲತೆ

2005 ಲಾಲೂ ಪ್ರಸಾದ್ ಯಾದವ್ (ರೈಲು ಹಗರಣ) 2008 ಶಂಕರಸಿಂಹ ವಾಘೆಲಾ (ಸೋಲಿನ ಹೊಣೆಗಾರಿಕೆ) 2010 ಅಶೋಕ್ ಚವ್ಹಾಣ್ (ಆದರ್ಶ ಹಗರಣ)_2011ದಿನೇಶ ಗುಂಡೂರಾವ್ (ರಾಜ್ಯ ರಾಜಕೀಯದ ಒಳಚರಂಡಿ ವಿವಾದಗಳು) ಇವು ಕೆಲವು ಉದಾಹರಣೆಗಳು.

ಇದೇ ಧ್ವನಿ ಇಂದಿನ ರಾಜಕೀಯದಲ್ಲಿ ಮುಚ್ಚಲ್ಪಟ್ಟಿದೆ. ಅಲ್ಲಿ ಅಧಿಕಾರದ ಪಾಶ, ಹದಿಮುಖದ ಹಿಡಿತ, ಮತ್ತು ನೈತಿಕತೆಯ ಪ್ರತಿ ಪ್ರಶ್ನೆಯೂ ನಗಣೆಗೆ ಒಳಗಾಗುತ್ತಿದೆ. ಆದರೆ ನಾವೆಲ್ಲರೂ ಕೇಳಲೇಬೇಕಾದ ಪ್ರಶ್ನೆ: ಅಧಿಕಾರವೇ ಎಲ್ಲವೋ? ನೈತಿಕತೆ ಎಲ್ಲಿ ಮಾಯವಾಗಿದೆ? ಇಂದು, ರಾಜಕೀಯವು ಗದ್ದುಗೆ ಹಿಡಿದ ನಂತರ ತ್ಯಜಿಸಲು ಅಸಾಧ್ಯವಾದ ಆಸೆಗಳಲ್ಲಿ ಮುಳುಗಿದೆ. ತಪ್ಪಾದರೆ ಮನ್ನಣೆ, ಹೆಸರಿದ್ದರೆ ರಕ್ಷಣೆಯ ಹೊಣೆ, ಮತ್ತು ಆರೋಪದ ಮೇಲೆ 'ಪ್ರತಿಬಂಧಿತ ಮಾಧ್ಯಮ' ಎಂಬ ವಿರೋಧ ಕೇವಲ ಸಮರ್ಥನೆ. ಇಂಥ ವಾತಾವರಣದಲ್ಲಿ, ಪ್ರಜಾಪ್ರಭುತ್ವದ ಶಕ್ತಿ ಸತ್ತಿರುವಂತಾಗುತ್ತಿದೆ.

ಅಂತಹ ಸಮಯದಲ್ಲಿ, ನಾವು ಮುಂದಿನ ತಲೆಮಾರಿಗೆ ಏನು ಬೋಧಿ ಸಬೇಕೆಂದು ನಾವೇ ನಿಸ್ಸಂಶಯವಾಗಿ ವಿಚಾರಿಸಬೇಕು.

ನಾಯಕತ್ವ ಕೇವಲ ಅಧಿಕಾರ ಹಿಡಿಯುವ ಕಲೆಯಲ್ಲ ಅದು ತ್ಯಾಗದ, ಸ್ಪಷ್ಟತೆಯ, ಮತ್ತು ಭದ್ರ ನೈತಿಕತೆಯ ಸಂಕೇತವಾಗಬೇಕು.

ಪ್ರಜಾಪ್ರಭುತ್ವದ ಬಲವರ್ಧನೆಗೆ ನಾವು ಏನು ಮಾಡಬೇಕು?

ನಾಯಕನಾಗಿ ಬೆಳೆಯಲು ನೈತಿಕ ಶಕ್ತಿ ಅಗತ್ಯ. ತಪ್ಪು ಮಾಡಿದಾಗ ಹೊಣೆ ಹೊರುವ ಔದಾರ್ಯ ಬೇಕು. ಸಾರ್ವಜನಿಕ ನಂಬಿಕೆಗೆ ತಕ್ಕ ನಡವಳಿಕೆ ಅವಶ್ಯಕ.

1. ನೈತಿಕ ಧೈರ್ಯ ತಪ್ಪನ್ನು ಒಪ್ಪಿಕೊಳ್ಳುವ ಮತ್ತು ನೈತಿಕ ಹೊಣೆ ಹೊರುವ ಮನೋಭಾವ.

2. ಪಾರದರ್ಶಕತೆ ಜನತೆಗೆ ತೋರಿಸಲು ಬಯಸುವ ಮುಖವಲ್ಲ, ಅವರು ಇದ್ದೀರೆಂಥವರೋ ಅದೇ ಮುಖ.

3. ಸಹಾನುಭೂತಿ ಜನಸಾಮಾನ್ಯರ ದುಃಖ, ಬಡತನ, ಅಸಮತೋಲನದ ಪೀಡೆಯನ್ನು ಅರ್ಥಮಾಡಿಕೊಳ್ಳುವ ಶಕ್ತಿ.

4. ಜ್ಞಾನಮೂಲಕ ನಿರ್ಧಾರ ವಿಜ್ಞಾನ, ಅಂಕಿ–ಅಂಶಗಳ ಆಧಾರದಲ್ಲಿ ನೀತಿ ರೂಪಿಸುವ ಶಕ್ತಿ.

5. ಜನಸಂಪರ್ಕ ಮತ್ತು ಸಮಾಲೋಚನೆ ಜನರೊಂದಿಗೆ ನೇರವಾದ ಸಂವಾದ.

6. ರಾಜಕೀಯ ಶಿಸ್ತಿಗೆ ನಿಷ್ಠೆ ಪಕ್ಷದ ಬದ್ಧತೆಗಿಂತ ಮೇಲಿರುವುದು ಸಂವಿಧಾನ ಬದ್ಧತೆ.

ಮೌನವೇ ಮೌಢ್ಯತೆ. ಇನ್ನು ತಡವಾಗುವ ಮೊದಲು, ಪ್ರಜೆಯಾಗಿ ನಾವು ಎಚ್ಚರಿಕೆಯಿಂದ ಕೇಳಬೇಕು, ಪ್ರಶ್ನಿಸಬೇಕು ಮತ್ತು ಮಾರ್ಗದರ್ಶನ ನೀಡಬೇಕು. ರಾಜಕೀಯವು ಪುನಃ ನೈತಿಕ ಆಳವಿರುವ ವ್ಯವಸ್ಥೆಯಾಗಬೇಕೆಂದು ಕನಸು ಕಾಣಬೇಕು ಮತ್ತು ಅದು ನಮ್ಮಿಂದಲೇ ಆರಂಭವಾಗಬೇಕು.ವಿದ್ಯಾವಂತ ಮತದಾರರು ನೈತಿಕ ನಾಯಕತ್ವವನ್ನು ಆಯ್ಕೆ ಮಾಡಬೇಕು. ಜವಾಬ್ದಾರಿತನದ ಮೇಲೆ ಹೆಚ್ಚು ಒತ್ತಾಯ ಇರಬೇಕು.ಮಾಧ್ಯಮಗಳು ನೈತಿಕತೆ ಇಲ್ಲದ ರಾಜಕೀಯವನ್ನು ಬಹಿರಂಗಪಡಿಸಬೇಕು. ಯುವಜನತೆ ರಾಜಕೀಯದಲ್ಲಿ ಸಕಾರಾತ್ಮಕವಾಗಿ ತೊಡಗಿಸಿಕೊಳ್ಳಬೇಕು. ಆದರೆ ಇತ್ತೀಚಿನ ವರ್ಷಗಳಲ್ಲಿ ಈ ನೈತಿಕ ಧೋರಣೆ ದಿನದಿಂದ ದಿನಕ್ಕೆ ಕುಸಿಯುತ್ತಿರುವುದು ವಿಷಾದನೀಯ.

ಅಧಿಕಾರಕ್ಕಾಗಿ ಚತುರತೆಯ ಹೆಸರಿನಲ್ಲಿ ನಡೆಯುತ್ತಿರುವ ರಾಜಕೀಯ ಹೋರಾಟಗಳು ನೈತಿಕತೆಯ ಪರಿಧಿಯಿಂದ ಬಹು ದೂರ ಸಾಗಿವೆ. ಭ್ರಷ್ಟಾಚಾರ, ಹಗರಣ, ಸಾರ್ವಜನಿಕ ಜೀವಿತವ್ಯವಸ್ಥೆಗೆ ಹಾನಿಕಾರಕ ನಿರ್ಧಾರಗಳ ನಂತರವೂ ಹಲವರು ರಾಜೀನಾಮೆ ನೀಡದೆ, ಪಕ್ಷೀಯ ಬಲದಿಂದ ರಾಜಕೀಯ ಸ್ಥಾನ ಉಳಿಸಿಕೊಳ್ಳುತ್ತಿದ್ದಾರೆ. ಈ ನಡವಳಿಕೆ ಜನತೆ ಮತ್ತು ಪ್ರಜಾಪ್ರಭುತ್ವದ ನಡುವಿನ ನಂಬಿಕೆಗೆ ಗಂಭೀರ ಧಕ್ಕೆಯಾಗಿದೆ.

ಇಂದಿನ ರಾಜಕಾರಣಿಗಳ ಹಲವಾರು ಮಂದಿಗೆ ನೈತಿಕ ಹೊಣೆಗಾರಿಕೆ ಎಂಬ ಪದ ಅರ್ಥವೇ ಆಗದೆ ಹೋಯಿತೆನ್ನಿಸುತ್ತದೆ. ತನಿಖೆಗಳು ನಡೆದರೂ, ಮೀಡಿಯಾ ವರದಿಗಳು ಹೊರಬಿದ್ದರೂ, ಜನತಾ ವಿರೋಧದ ಅಲೆ ಎದ್ದರೂ, “ಅವನು ತಪ್ಪು ಮಾಡಿಲ್ಲ” ಎಂಬ ಪಕ್ಷೀಯ ಸಂರಕ್ಷಣೆ ಹಾಗೂ ಅಧಿಕಾರದ ಅಂಟಿತನದಿಂದ ಅಧಿಕಾರ ಸ್ಥಾನಗಳಲ್ಲಿ ಮುಂದುವರೆಯುವ ಸನ್ನಿವೇಶ ನಮಗೆ ಎದುರಾಗುತ್ತಿದೆ. ಈ ಎಲ್ಲ ಪ್ರಕ್ರಿಯೆಗಳಿಂದ ಜನತೆಯಲ್ಲಿ ಮೂಡುತ್ತಿರುವ ಭಾವನೆ:

"ರಾಜಕೀಯದಲ್ಲಿ ಮೌಲ್ಯವಿಲ್ಲ" "ಅಧಿಕಾರಕ್ಕಾಗಿ ಯಾರೂ ಏನು ಬೇಕಾದರೂ ಮಾಡಬಹುದು" "ತಪ್ಪು ಮಾಡಿದರೂ ರಾಜೀನಾಮೆ ಇಲ್ಲ; ಲಾಜಿಕ್ ನಿಲ್ಲ!" ಒಂದು ರಾಷ್ಟ್ರದ ನಡವಳಿಕೆಗೆ ಬದ್ಧ ನಾಯಕತ್ವ ಬೇಕು.

ನಿರ್ಣಯ:

ಪ್ರಜಾಪ್ರಭುತ್ವದ ಸಫಲತೆ ರಾಜಕಾರಣಿಗಳ ನೈತಿಕ ನಡವಳಿಕೆಗೆ ಬಲವಾಗಿ ಅವಲಂಬಿತವಾಗಿದೆ. ನೈತಿಕತೆ ಇರುವ ರಾಜಕೀಯ ಮಾತ್ರ ಸತ್ಯವಾದ ಪ್ರಜಾಪ್ರಭುತ್ವವನ್ನು ರೂಪಿಸಬಲ್ಲದು. ಆದ್ದರಿಂದ ರಾಜಕಾರಣಿಗಳು ತಮ್ಮ ನೈತಿಕ ಹೊಣೆಗಾರಿಕೆಯನ್ನು ಸ್ಮರಿಸಬೇಕು ಮತ್ತು ಅದರಂತೆ ನಡೆಯಬೇಕು. ಇದೇ ಪ್ರಜಾಪ್ರಭುತ್ವದ ನಿಜವಾದ ತಾತ್ಪರ್ಯ.

ಲೇಖಕ: ಮಾರುತಿ ಗಂಗಹನುಮಯ್ಯ , ಉಪ ಸಂಪಾದಕ ಅಮೃತವಾಣಿ ದಿನಪತ್ರಿಕೆ.
